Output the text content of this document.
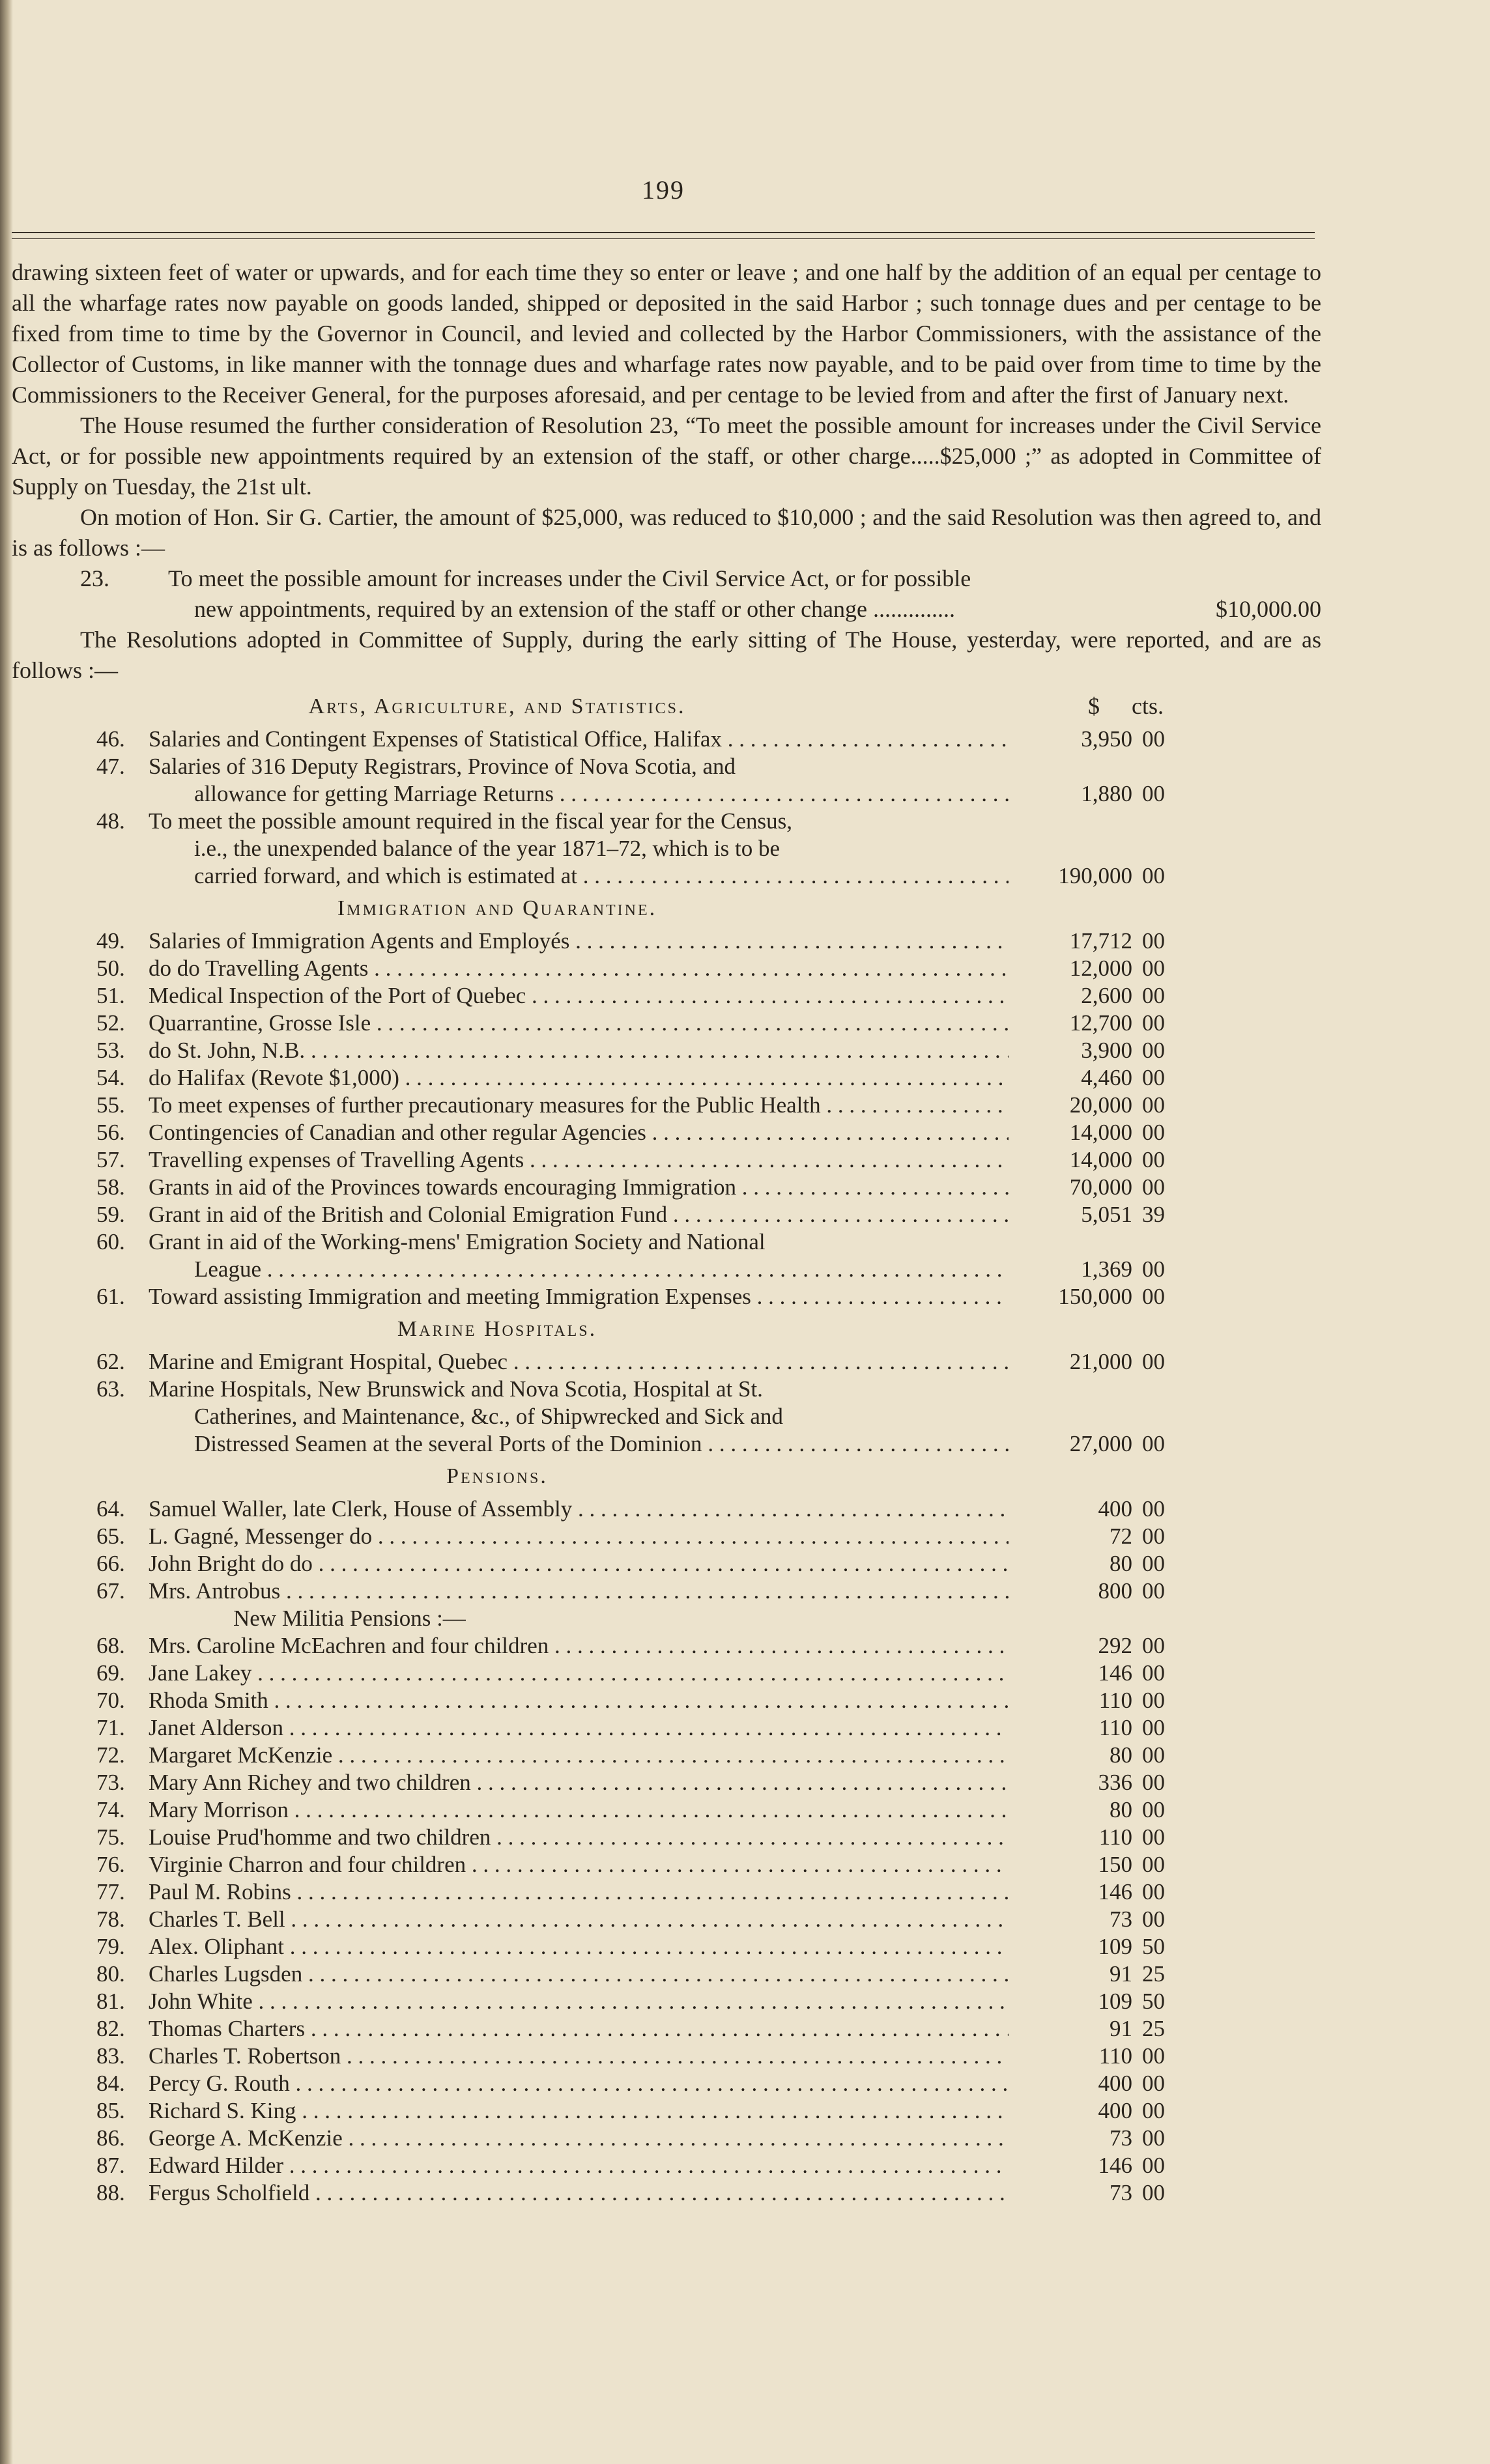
199

drawing sixteen feet of water or upwards, and for each time they so enter or leave ; and one half by the addition of an equal per centage to all the wharfage rates now payable on goods landed, shipped or deposited in the said Harbor ; such tonnage dues and per centage to be fixed from time to time by the Governor in Council, and levied and collected by the Harbor Commissioners, with the assistance of the Collector of Customs, in like manner with the tonnage dues and wharfage rates now payable, and to be paid over from time to time by the Commissioners to the Receiver General, for the purposes aforesaid, and per centage to be levied from and after the first of January next.

The House resumed the further consideration of Resolution 23, “To meet the possible amount for increases under the Civil Service Act, or for possible new appointments required by an extension of the staff, or other charge.....$25,000 ;” as adopted in Committee of Supply on Tuesday, the 21st ult.

On motion of Hon. Sir G. Cartier, the amount of $25,000, was reduced to $10,000 ; and the said Resolution was then agreed to, and is as follows :—

23.	To meet the possible amount for increases under the Civil Service Act, or for possible
new appointments, required by an extension of the staff or other change ..............	$10,000.00

The Resolutions adopted in Committee of Supply, during the early sitting of The House, yesterday, were reported, and are as follows :—

Arts, Agriculture, and Statistics.	$ cts.
46.	Salaries and Contingent Expenses of Statistical Office, Halifax . . .	3,950 00
47.	Salaries of 316 Deputy Registrars, Province of Nova Scotia, and
allowance for getting Marriage Returns . . .	1,880 00
48.	To meet the possible amount required in the fiscal year for the Census,
i.e., the unexpended balance of the year 1871–72, which is to be
carried forward, and which is estimated at . . .	190,000 00
Immigration and Quarantine.
49.	Salaries of Immigration Agents and Employés . . .	17,712 00
50.	do do Travelling Agents . . .	12,000 00
51.	Medical Inspection of the Port of Quebec . . .	2,600 00
52.	Quarrantine, Grosse Isle . . .	12,700 00
53.	do St. John, N.B. . . .	3,900 00
54.	do Halifax (Revote $1,000) . . .	4,460 00
55.	To meet expenses of further precautionary measures for the Public Health . . .	20,000 00
56.	Contingencies of Canadian and other regular Agencies . . .	14,000 00
57.	Travelling expenses of Travelling Agents . . .	14,000 00
58.	Grants in aid of the Provinces towards encouraging Immigration . . .	70,000 00
59.	Grant in aid of the British and Colonial Emigration Fund . . .	5,051 39
60.	Grant in aid of the Working-mens' Emigration Society and National
League . . .	1,369 00
61.	Toward assisting Immigration and meeting Immigration Expenses . . .	150,000 00
Marine Hospitals.
62.	Marine and Emigrant Hospital, Quebec . . .	21,000 00
63.	Marine Hospitals, New Brunswick and Nova Scotia, Hospital at St.
Catherines, and Maintenance, &c., of Shipwrecked and Sick and
Distressed Seamen at the several Ports of the Dominion . . .	27,000 00
Pensions.
64.	Samuel Waller, late Clerk, House of Assembly . . .	400 00
65.	L. Gagné, Messenger do . . .	72 00
66.	John Bright do do . . .	80 00
67.	Mrs. Antrobus . . .	800 00
New Militia Pensions :—
68.	Mrs. Caroline McEachren and four children . . .	292 00
69.	Jane Lakey . . .	146 00
70.	Rhoda Smith . . .	110 00
71.	Janet Alderson . . .	110 00
72.	Margaret McKenzie . . .	80 00
73.	Mary Ann Richey and two children . . .	336 00
74.	Mary Morrison . . .	80 00
75.	Louise Prud'homme and two children . . .	110 00
76.	Virginie Charron and four children . . .	150 00
77.	Paul M. Robins . . .	146 00
78.	Charles T. Bell . . .	73 00
79.	Alex. Oliphant . . .	109 50
80.	Charles Lugsden . . .	91 25
81.	John White . . .	109 50
82.	Thomas Charters . . .	91 25
83.	Charles T. Robertson . . .	110 00
84.	Percy G. Routh . . .	400 00
85.	Richard S. King . . .	400 00
86.	George A. McKenzie . . .	73 00
87.	Edward Hilder . . .	146 00
88.	Fergus Scholfield . . .	73 00
